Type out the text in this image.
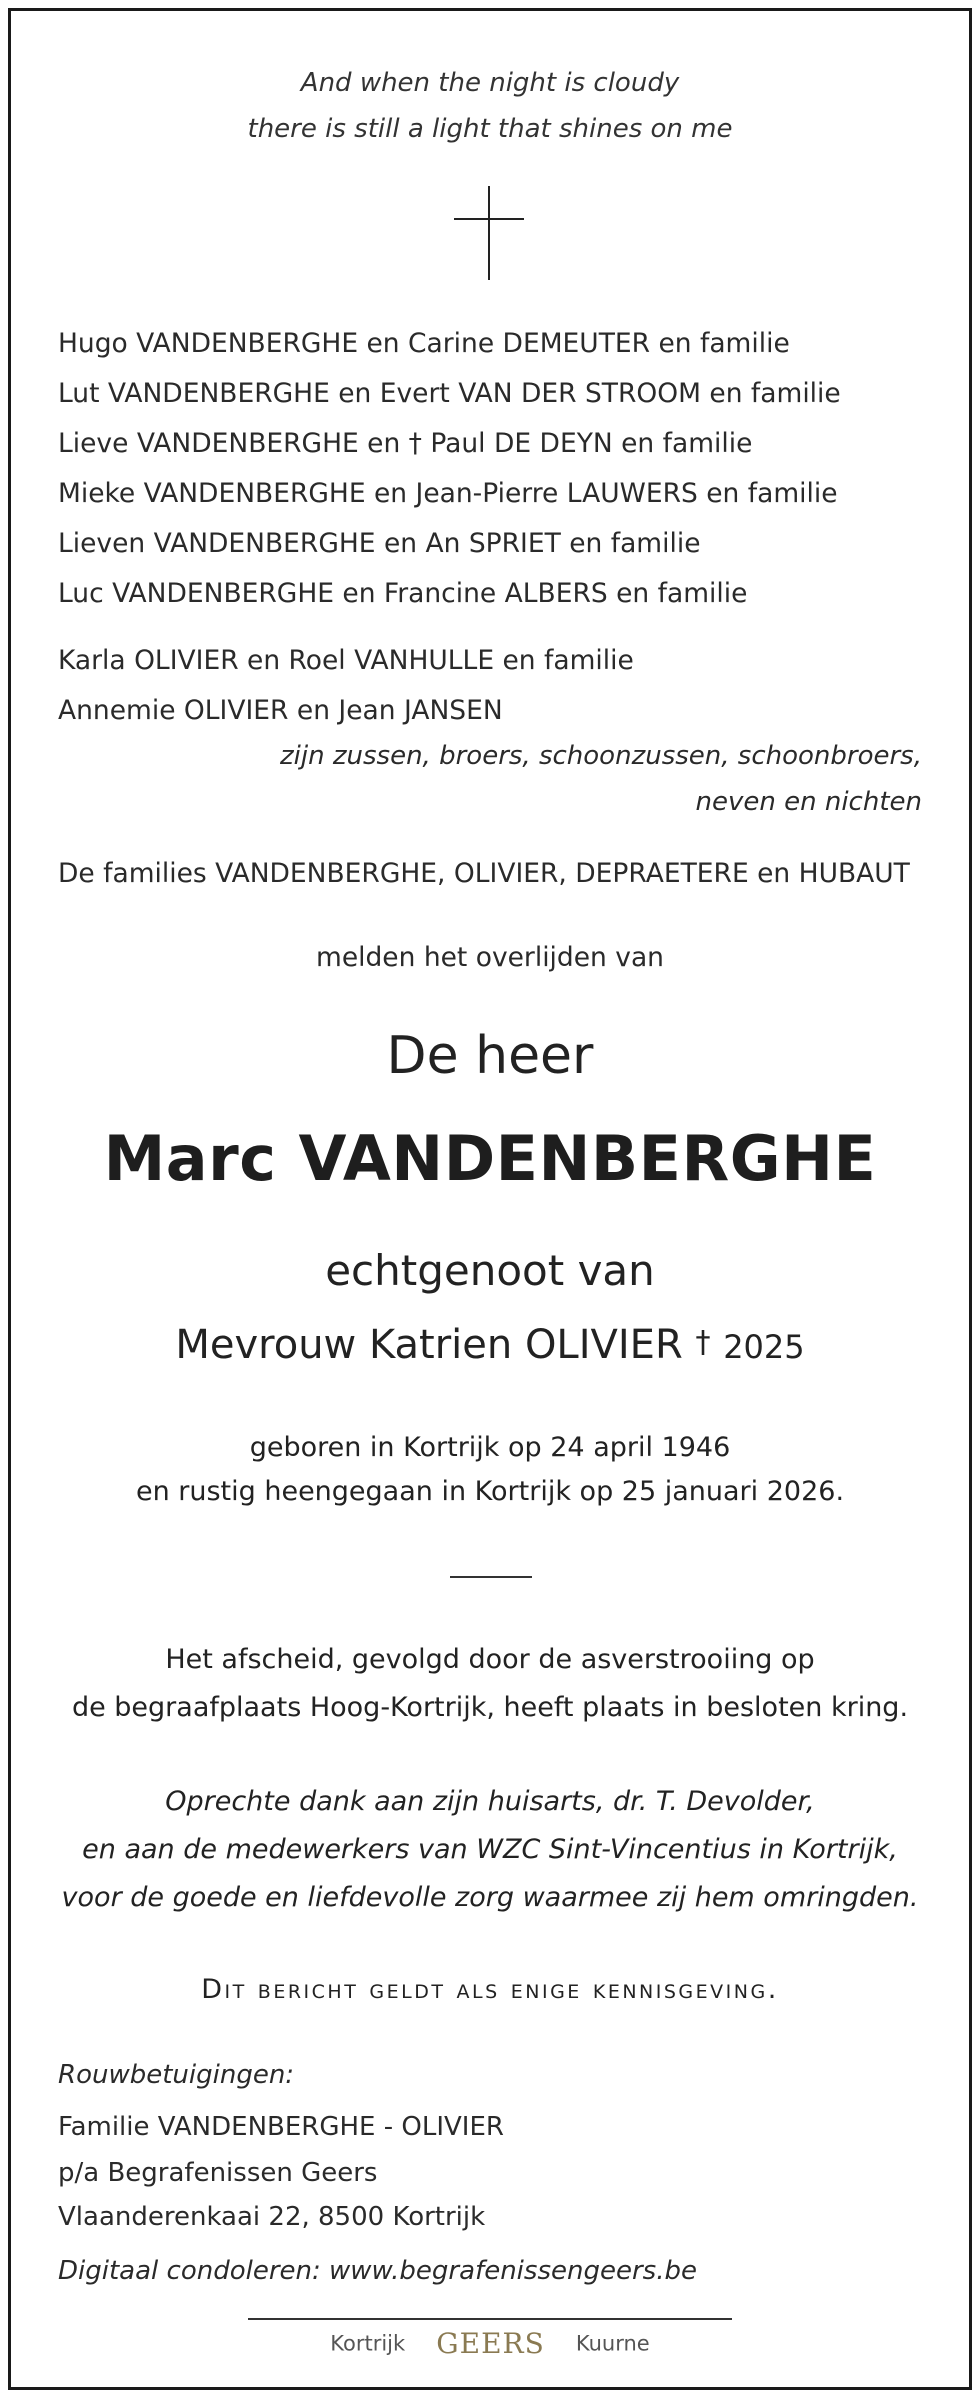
And when the night is cloudy
there is still a light that shines on me
Hugo VANDENBERGHE en Carine DEMEUTER en familie
Lut VANDENBERGHE en Evert VAN DER STROOM en familie
Lieve VANDENBERGHE en † Paul DE DEYN en familie
Mieke VANDENBERGHE en Jean-Pierre LAUWERS en familie
Lieven VANDENBERGHE en An SPRIET en familie
Luc VANDENBERGHE en Francine ALBERS en familie
Karla OLIVIER en Roel VANHULLE en familie
Annemie OLIVIER en Jean JANSEN
zijn zussen, broers, schoonzussen, schoonbroers,
neven en nichten
De families VANDENBERGHE, OLIVIER, DEPRAETERE en HUBAUT
melden het overlijden van
De heer
Marc VANDENBERGHE
echtgenoot van
Mevrouw Katrien OLIVIER † 2025
geboren in Kortrijk op 24 april 1946
en rustig heengegaan in Kortrijk op 25 januari 2026.
Het afscheid, gevolgd door de asverstrooiing op
de begraafplaats Hoog-Kortrijk, heeft plaats in besloten kring.
Oprechte dank aan zijn huisarts, dr. T. Devolder,
en aan de medewerkers van WZC Sint-Vincentius in Kortrijk,
voor de goede en liefdevolle zorg waarmee zij hem omringden.
Dit bericht geldt als enige kennisgeving.
Rouwbetuigingen:
Familie VANDENBERGHE - OLIVIER
p/a Begrafenissen Geers
Vlaanderenkaai 22, 8500 Kortrijk
Digitaal condoleren: www.begrafenissengeers.be
Kortrijk GEERS Kuurne
